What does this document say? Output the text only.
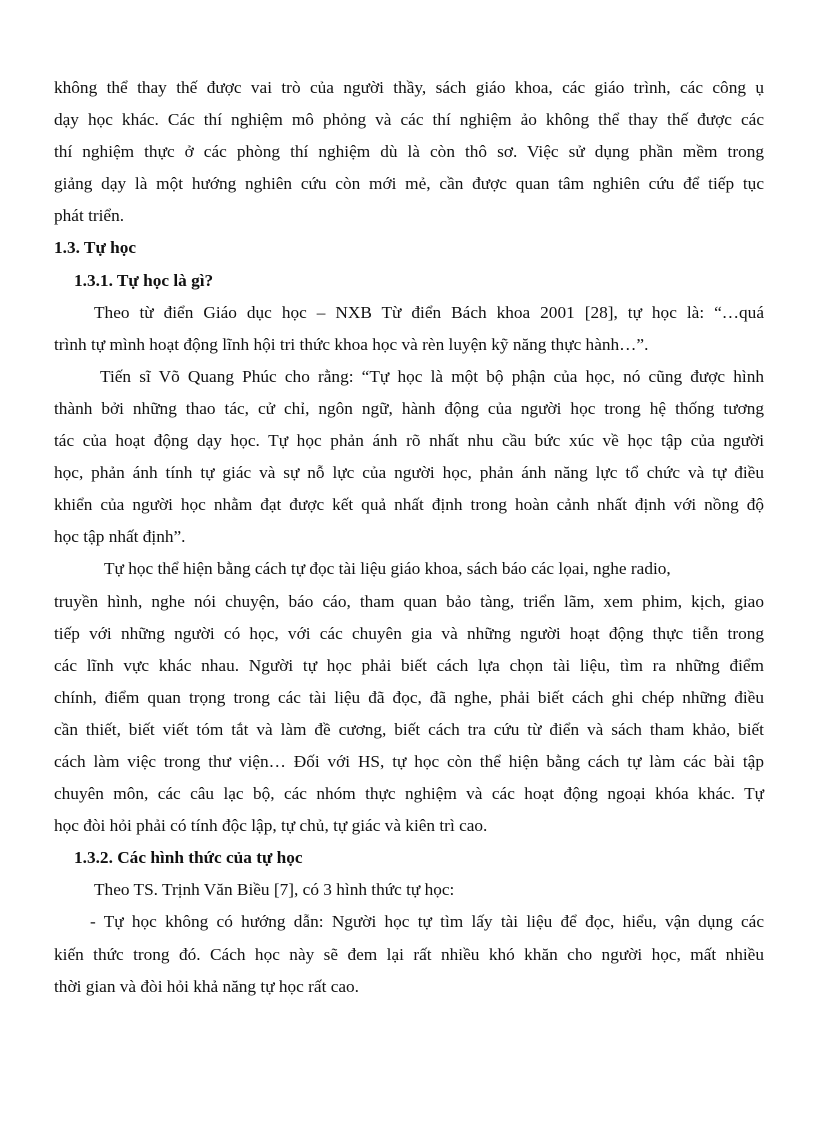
không thể thay thế được vai trò của người thầy, sách giáo khoa, các giáo trình, các công ụ
dạy học khác. Các thí nghiệm mô phỏng và các thí nghiệm ảo không thể thay thế được các
thí nghiệm thực ở các phòng thí nghiệm dù là còn thô sơ. Việc sử dụng phần mềm trong
giảng dạy là một hướng nghiên cứu còn mới mẻ, cần được quan tâm nghiên cứu để tiếp tục
phát triển.
1.3. Tự học
1.3.1. Tự học là gì?
Theo từ điển Giáo dục học – NXB Từ điển Bách khoa 2001 [28], tự học là: “…quá
trình tự mình hoạt động lĩnh hội tri thức khoa học và rèn luyện kỹ năng thực hành…”.
Tiến sĩ Võ Quang Phúc cho rằng: “Tự học là một bộ phận của học, nó cũng được hình
thành bởi những thao tác, cử chỉ, ngôn ngữ, hành động của người học trong hệ thống tương
tác của hoạt động dạy học. Tự học phản ánh rõ nhất nhu cầu bức xúc về học tập của người
học, phản ánh tính tự giác và sự nỗ lực của người học, phản ánh năng lực tổ chức và tự điều
khiển của người học nhằm đạt được kết quả nhất định trong hoàn cảnh nhất định với nồng độ
học tập nhất định”.
Tự học thể hiện bằng cách tự đọc tài liệu giáo khoa, sách báo các lọai, nghe radio,
truyền hình, nghe nói chuyện, báo cáo, tham quan bảo tàng, triển lãm, xem phim, kịch, giao
tiếp với những người có học, với các chuyên gia và những người hoạt động thực tiễn trong
các lĩnh vực khác nhau. Người tự học phải biết cách lựa chọn tài liệu, tìm ra những điểm
chính, điểm quan trọng trong các tài liệu đã đọc, đã nghe, phải biết cách ghi chép những điều
cần thiết, biết viết tóm tắt và làm đề cương, biết cách tra cứu từ điển và sách tham khảo, biết
cách làm việc trong thư viện… Đối với HS, tự học còn thể hiện bằng cách tự làm các bài tập
chuyên môn, các câu lạc bộ, các nhóm thực nghiệm và các hoạt động ngoại khóa khác. Tự
học đòi hỏi phải có tính độc lập, tự chủ, tự giác và kiên trì cao.
1.3.2. Các hình thức của tự học
Theo TS. Trịnh Văn Biều [7], có 3 hình thức tự học:
- Tự học không có hướng dẫn: Người học tự tìm lấy tài liệu để đọc, hiểu, vận dụng các
kiến thức trong đó. Cách học này sẽ đem lại rất nhiều khó khăn cho người học, mất nhiều
thời gian và đòi hỏi khả năng tự học rất cao.
